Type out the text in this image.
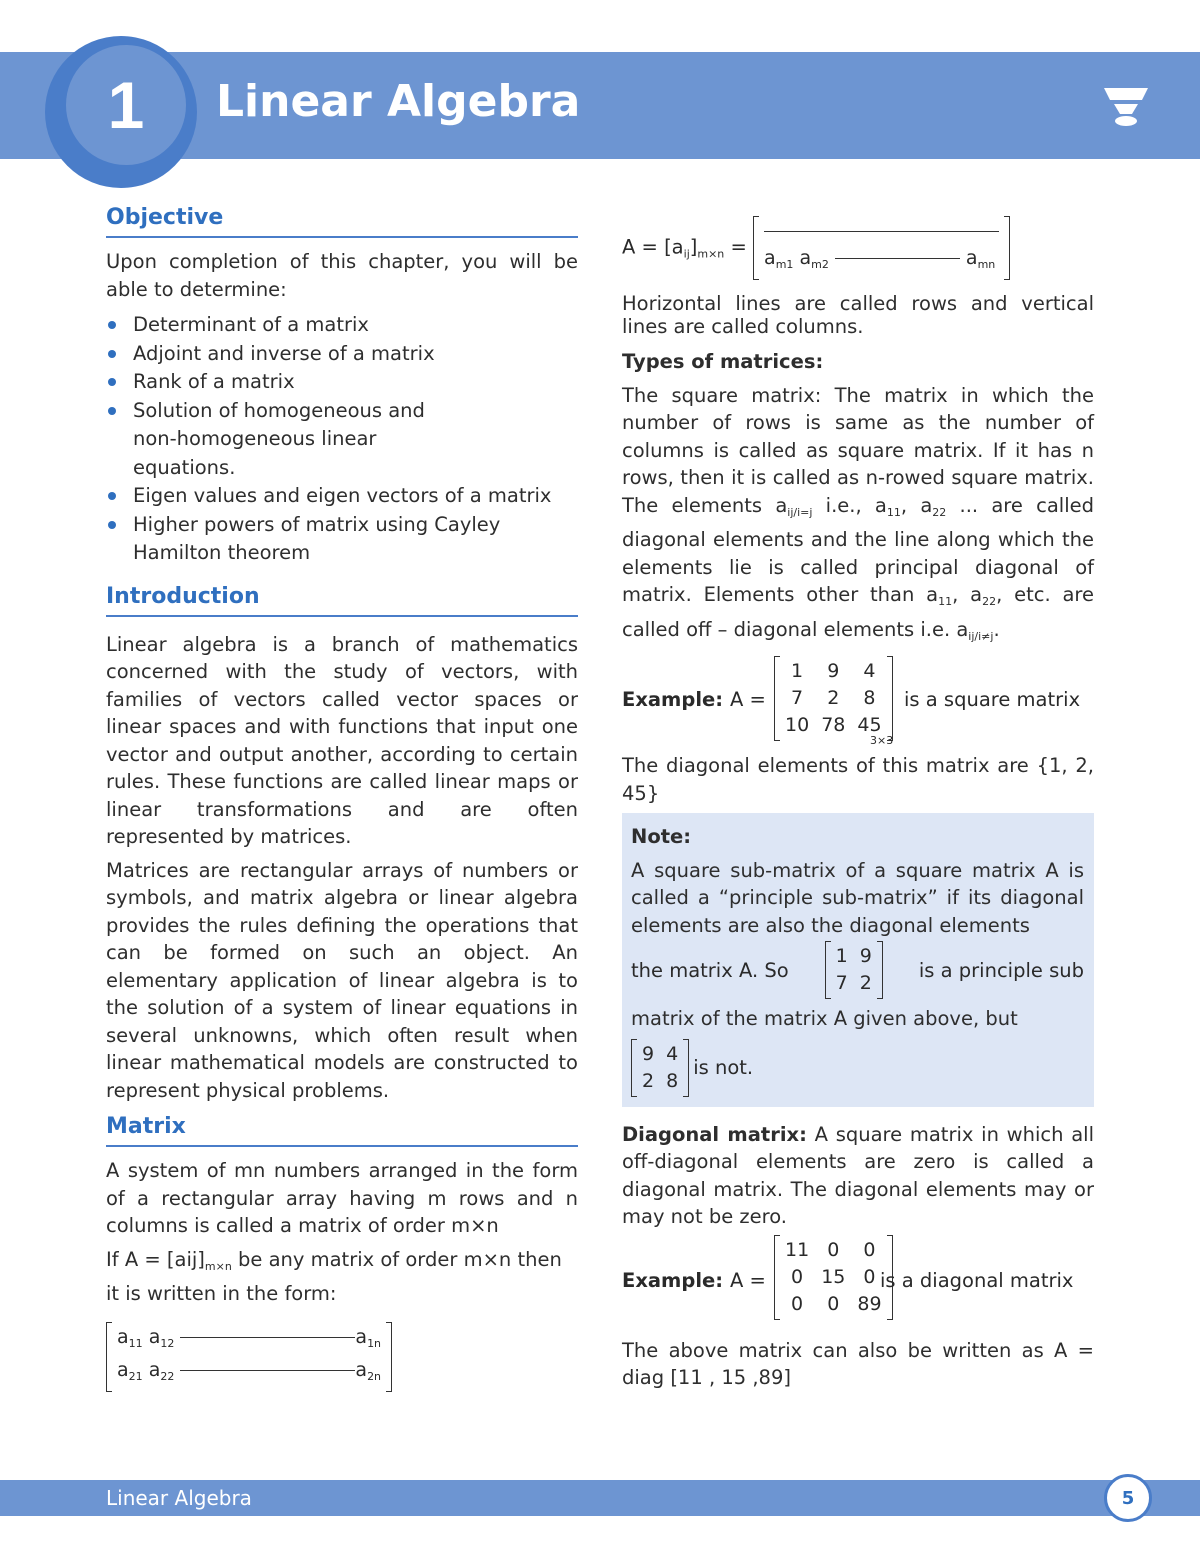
1 Linear Algebra
Objective

Upon completion of this chapter, you will be able to determine:

Determinant of a matrix
Adjoint and inverse of a matrix
Rank of a matrix
Solution of homogeneous and non-homogeneous linear equations.
Eigen values and eigen vectors of a matrix
Higher powers of matrix using Cayley Hamilton theorem
Introduction

Linear algebra is a branch of mathematics concerned with the study of vectors, with families of vectors called vector spaces or linear spaces and with functions that input one vector and output another, according to certain rules. These functions are called linear maps or linear transformations and are often represented by matrices.

Matrices are rectangular arrays of numbers or symbols, and matrix algebra or linear algebra provides the rules defining the operations that can be formed on such an object. An elementary application of linear algebra is to the solution of a system of linear equations in several unknowns, which often result when linear mathematical models are constructed to represent physical problems.

Matrix

A system of mn numbers arranged in the form of a rectangular array having m rows and n columns is called a matrix of order m×n

If $A = [aij]_{m\times n}$ be any matrix of order m×n then it is written in the form:

$a_{11}$ $a_{12}$	$a_{1n}$
$a_{21}$ $a_{22}$	$a_{2n}$
$A = [a_{ij}]_{m\times n} = a_{m1}$ $a_{m2}$	$a_{mn}$

Horizontal lines are called rows and vertical lines are called columns.

Types of matrices:

The square matrix: The matrix in which the number of rows is same as the number of columns is called as square matrix. If it has n rows, then it is called as n-rowed square matrix. The elements $a_{ij/i=j}$ i.e., $a_{11}$, $a_{22}$ ... are called diagonal elements and the line along which the elements lie is called principal diagonal of matrix. Elements other than $a_{11}$, $a_{22}$, etc. are called off – diagonal elements i.e. $a_{ij/i\ne j}$.

Example: A =
1	9	4
7	2	8
10	78	45
3×3
is a square matrix

The diagonal elements of this matrix are {1, 2, 45}

Note:

A square sub-matrix of a square matrix A is called a “principle sub-matrix” if its diagonal elements are also the diagonal elements

the matrix A. So
1	9
7	2
is a principle sub

matrix of the matrix A given above, but

9	4
2	8
is not.

Diagonal matrix: A square matrix in which all off-diagonal elements are zero is called a diagonal matrix. The diagonal elements may or may not be zero.

Example: A =
11	0	0
0	15	0
0	0	89
is a diagonal matrix

The above matrix can also be written as A = diag [11 , 15 ,89]

Linear Algebra	5
